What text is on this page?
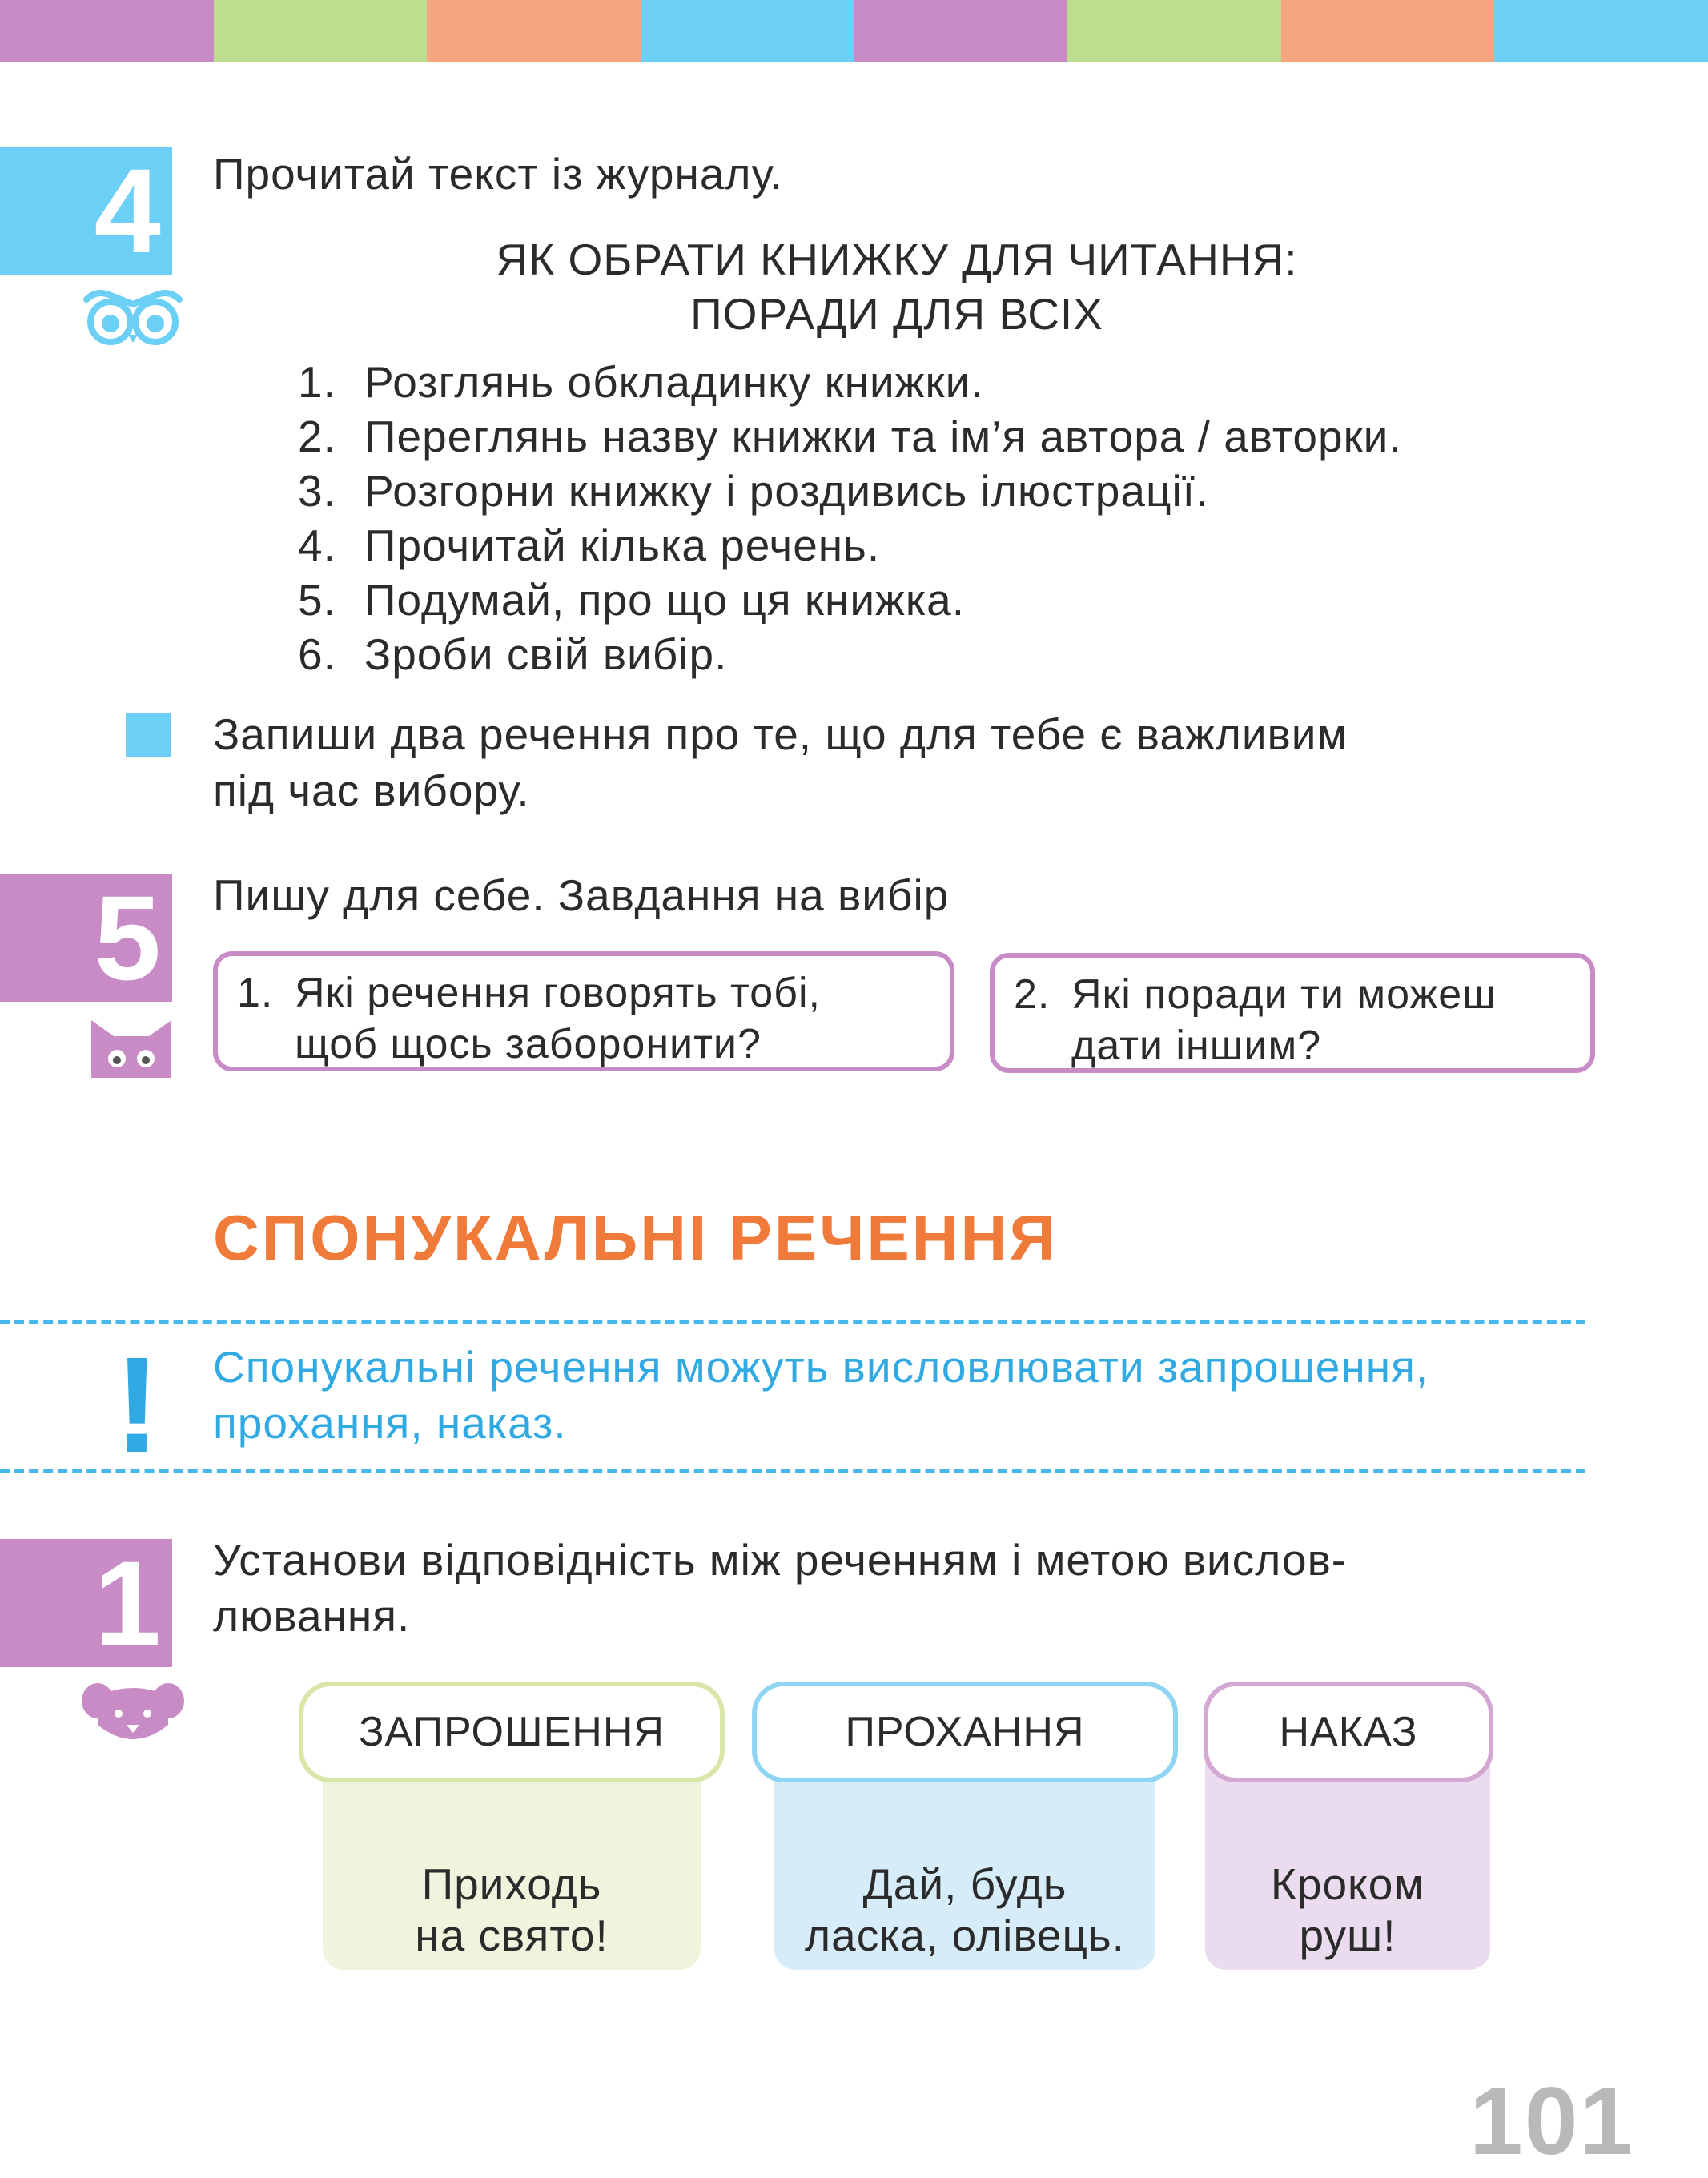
4 Прочитай текст із журналу.
ЯК ОБРАТИ КНИЖКУ ДЛЯ ЧИТАННЯ:
ПОРАДИ ДЛЯ ВСІХ
1. Розглянь обкладинку книжки.
2. Переглянь назву книжки та ім’я автора / авторки.
3. Розгорни книжку і роздивись ілюстрації.
4. Прочитай кілька речень.
5. Подумай, про що ця книжка.
6. Зроби свій вибір.
Запиши два речення про те, що для тебе є важливим
під час вибору.
5 Пишу для себе. Завдання на вибір
1. Які речення говорять тобі,
щоб щось заборонити?
2. Які поради ти можеш
дати іншим?
СПОНУКАЛЬНІ РЕЧЕННЯ
! Спонукальні речення можуть висловлювати запрошення,
прохання, наказ.
1 Установи відповідність між реченням і метою вислов-
лювання.
Приходь
на свято!
ЗАПРОШЕННЯ
Дай, будь
ласка, олівець.
ПРОХАННЯ
Кроком
руш!
НАКАЗ
101
